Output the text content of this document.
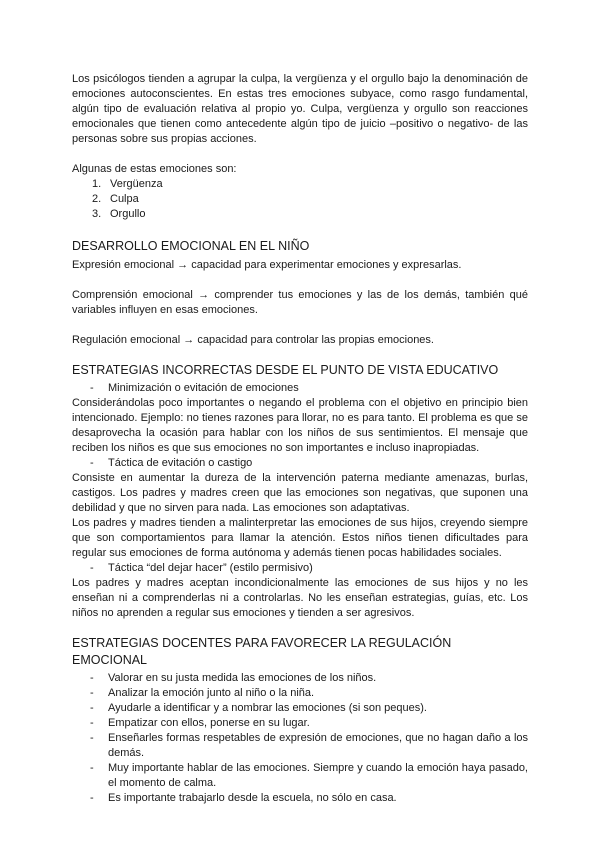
Los psicólogos tienden a agrupar la culpa, la vergüenza y el orgullo bajo la denominación de emociones autoconscientes. En estas tres emociones subyace, como rasgo fundamental, algún tipo de evaluación relativa al propio yo. Culpa, vergüenza y orgullo son reacciones emocionales que tienen como antecedente algún tipo de juicio –positivo o negativo- de las personas sobre sus propias acciones.

Algunas de estas emociones son:

1. Vergüenza
2. Culpa
3. Orgullo
DESARROLLO EMOCIONAL EN EL NIÑO

Expresión emocional → capacidad para experimentar emociones y expresarlas.

Comprensión emocional → comprender tus emociones y las de los demás, también qué variables influyen en esas emociones.

Regulación emocional → capacidad para controlar las propias emociones.

ESTRATEGIAS INCORRECTAS DESDE EL PUNTO DE VISTA EDUCATIVO
- Minimización o evitación de emociones

Considerándolas poco importantes o negando el problema con el objetivo en principio bien intencionado. Ejemplo: no tienes razones para llorar, no es para tanto. El problema es que se desaprovecha la ocasión para hablar con los niños de sus sentimientos. El mensaje que reciben los niños es que sus emociones no son importantes e incluso inapropiadas.

- Táctica de evitación o castigo

Consiste en aumentar la dureza de la intervención paterna mediante amenazas, burlas, castigos. Los padres y madres creen que las emociones son negativas, que suponen una debilidad y que no sirven para nada. Las emociones son adaptativas.

Los padres y madres tienden a malinterpretar las emociones de sus hijos, creyendo siempre que son comportamientos para llamar la atención. Estos niños tienen dificultades para regular sus emociones de forma autónoma y además tienen pocas habilidades sociales.

- Táctica “del dejar hacer” (estilo permisivo)

Los padres y madres aceptan incondicionalmente las emociones de sus hijos y no les enseñan ni a comprenderlas ni a controlarlas. No les enseñan estrategias, guías, etc. Los niños no aprenden a regular sus emociones y tienden a ser agresivos.

ESTRATEGIAS DOCENTES PARA FAVORECER LA REGULACIÓN EMOCIONAL
- Valorar en su justa medida las emociones de los niños.
- Analizar la emoción junto al niño o la niña.
- Ayudarle a identificar y a nombrar las emociones (si son peques).
- Empatizar con ellos, ponerse en su lugar.
- Enseñarles formas respetables de expresión de emociones, que no hagan daño a los demás.
- Muy importante hablar de las emociones. Siempre y cuando la emoción haya pasado, el momento de calma.
- Es importante trabajarlo desde la escuela, no sólo en casa.
